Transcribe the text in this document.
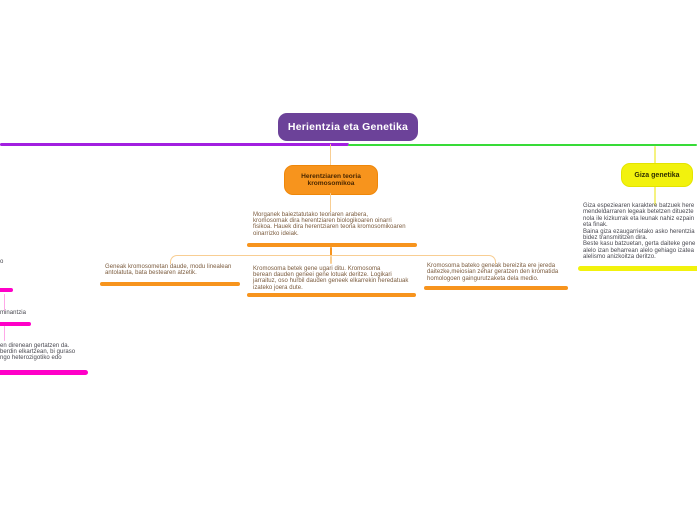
Herientzia eta Genetika
Herentziaren teoria
kromosomikoa
Morganek baieztatutako teoriaren arabera,
kromosomak dira herentziaren biologikoaren oinarri
fisikoa. Hauek dira herentziaren teoria kromosomikoaren
oinarrizko ideiak.
Geneak kromosometan daude, modu linealean
antolatuta, bata bestearen atzetik.
Kromosoma betek gene ugari ditu. Kromosoma
berean dauden geneei gene lotuak deritze. Logikari
jarraituz, oso hurbil dauden geneek elkarrekin heredatuak
izateko joera dute.
Kromosoma bateko geneak bereizita ere jereda
daitezke,meiosian zehar geratzen den kromatida
homologoen gaingurutzaketa dela medio.
Giza genetika
Giza espeziearen karaktere batzuek here
mendeldarraren legeak betetzen dituezte
nola ile kizkurrak eta leunak nahiz ezpain
eta finak.
Baina giza ezaugarrietako asko herentzia
bidez transmititzen dira.
Beste kasu batzuetan, gerta daiteke gene
alelo izan beharrean alelo gehiago izatea
alelismo anizkoitza deritzo.
o
minantzia
en direnean gertatzen da.
berdin elkartzean, bi guraso
ngo heterozigotiko edo
